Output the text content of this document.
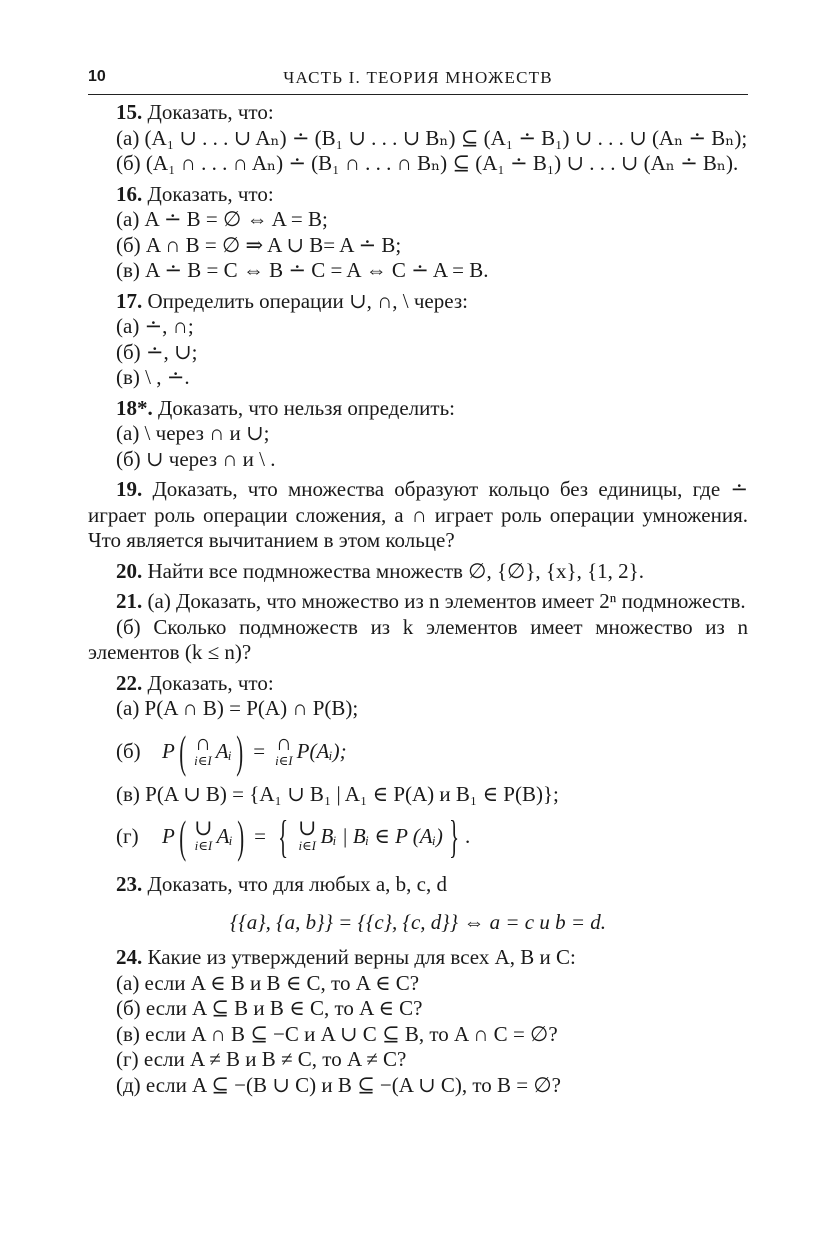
10	ЧАСТЬ I. ТЕОРИЯ МНОЖЕСТВ
15. Доказать, что:
(а) (A₁ ∪ . . . ∪ Aₙ) ∸ (B₁ ∪ . . . ∪ Bₙ) ⊆ (A₁ ∸ B₁) ∪ . . . ∪ (Aₙ ∸ Bₙ);
(б) (A₁ ∩ . . . ∩ Aₙ) ∸ (B₁ ∩ . . . ∩ Bₙ) ⊆ (A₁ ∸ B₁) ∪ . . . ∪ (Aₙ ∸ Bₙ).
16. Доказать, что:
(а) A ∸ B = ∅ ⇔ A = B;
(б) A ∩ B = ∅ ⇒ A ∪ B= A ∸ B;
(в) A ∸ B = C ⇔ B ∸ C = A ⇔ C ∸ A = B.
17. Определить операции ∪, ∩, \ через:
(а) ∸, ∩;
(б) ∸, ∪;
(в) \ , ∸.
18*. Доказать, что нельзя определить:
(а) \ через ∩ и ∪;
(б) ∪ через ∩ и \ .
19. Доказать, что множества образуют кольцо без единицы, где ∸ играет роль операции сложения, а ∩ играет роль операции умножения. Что является вычитанием в этом кольце?
20. Найти все подмножества множеств ∅, {∅}, {x}, {1, 2}.
21. (а) Доказать, что множество из n элементов имеет 2ⁿ подмножеств.
(б) Сколько подмножеств из k элементов имеет множество из n элементов (k ≤ n)?
22. Доказать, что:
(а) P(A ∩ B) = P(A) ∩ P(B);
(б)	P ( ∩
i∈I Aᵢ ) = ∩
i∈I P(Aᵢ);
(в) P(A ∪ B) = {A₁ ∪ B₁ | A₁ ∈ P(A) и B₁ ∈ P(B)};
(г)	P ( ∪
i∈I Aᵢ ) = { ∪
i∈I Bᵢ | Bᵢ ∈ P (Aᵢ) } .
23. Доказать, что для любых a, b, c, d
{{a}, {a, b}} = {{c}, {c, d}} ⇔ a = c и b = d.
24. Какие из утверждений верны для всех A, B и C:
(а) если A ∈ B и B ∈ C, то A ∈ C?
(б) если A ⊆ B и B ∈ C, то A ∈ C?
(в) если A ∩ B ⊆ −C и A ∪ C ⊆ B, то A ∩ C = ∅?
(г) если A ≠ B и B ≠ C, то A ≠ C?
(д) если A ⊆ −(B ∪ C) и B ⊆ −(A ∪ C), то B = ∅?
